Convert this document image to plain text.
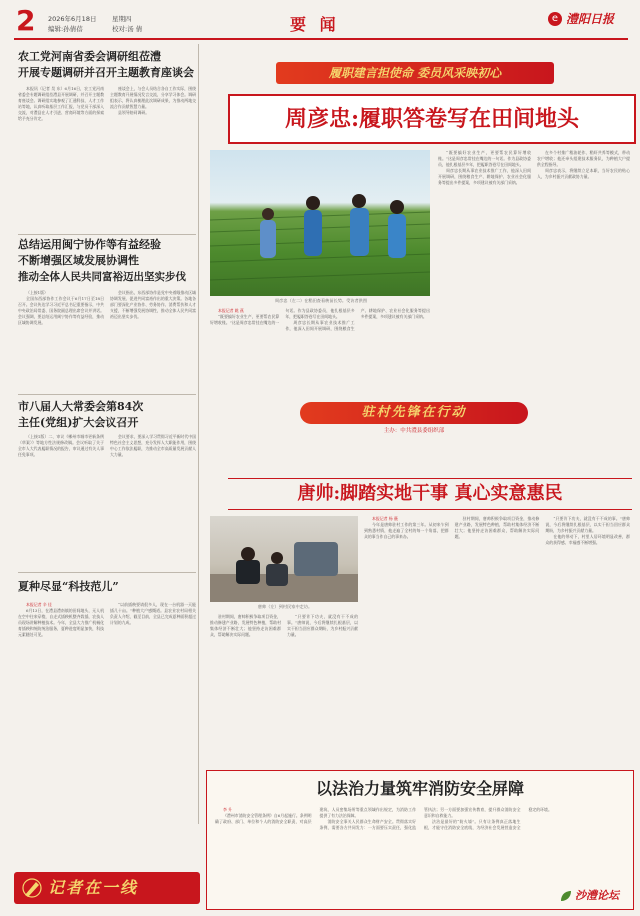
2 2026年6月18日 星期四
编辑:孙倩蓓	校对:汤 倩	要 闻	e 澧阳日报
农工党河南省委会调研组莅澧
开展专题调研并召开主题教育座谈会
本报讯（记者 昊 东）6月16日，农工党河南省委会专题调研组莅澧县开展调研，并召开主题教育座谈会。调研组实地参观了汇通科技、人才工作站等地，认真听取基层工作汇报，与党员干部深入交流，对澧县在人才引进、营商环境等方面的探索给予充分肯定。
座谈会上，与会人员结合各自工作实际，围绕主题教育开展情况发言交流，分享学习体会。调研组表示，将认真梳理此次调研成果，为推动两地交流合作贡献智慧力量。
县领导陪同调研。
总结运用闽宁协作等有益经验
不断增强区域发展协调性
推动全体人民共同富裕迈出坚实步伐
（上接1版）
全国东西部协作工作会议于6月17日至18日召开。会议传达学习习近平总书记重要指示，中共中央政治局常委、国务院副总理出席会议并讲话。会议强调，要总结运用闽宁协作等有益经验，推动区域协调发展。
会议指出，东西部协作是党中央着眼推动区域协调发展、促进共同富裕作出的重大决策。各地各部门要深化产业协作、劳务协作、消费帮扶和人才支援，不断增强发展协调性，推动全体人民共同富裕迈出坚实步伐。
市八届人大常委会第84次
主任(党组)扩大会议召开
（上接1版）二、审议《郴州市城市更新条例（草案）》等地方性法规修改稿。会议听取了关于全市人大代表履职情况的报告，审议通过有关人事任免事项。
会议要求，要深入学习贯彻习近平新时代中国特色社会主义思想，充分发挥人大职能作用，围绕中心工作依法履职，为推动全市高质量发展贡献人大力量。
夏种尽显“科技范儿”
本报记者 辛 佳
6月13日，在澧县澧南镇的田间地头，无人机在空中往来穿梭，自走式插秧机整齐栽插，农技人员现场讲解种植技术。今年，全县大力推广机械化育插秧和统防统治服务，夏种进度明显加快，科技元素随处可见。
“以前插秧要请很多人，现在一台机器一天能插几十亩。”种植大户感慨道。县农业农村局相关负责人介绍，截至目前，全县已完成夏种面积超过计划的九成。
记者在一线
履职建言担使命 委员风采映初心
周彦忠:履职答卷写在田间地头
周彦忠（左二）在稻田查看秧苗长势。受访者供图
“既要搞好农业生产，更要帮农民算好增收账。”这是周彦忠常挂在嘴边的一句话。作为县政协委员，他扎根基层多年，把履职答卷写在田间地头。
周彦忠长期从事农业技术推广工作，他深入田间开展调研，围绕粮食生产、耕地保护、农业社会化服务等提出多件提案，多项建议被有关部门采纳。
在多个村推广稻油轮作、稻虾共养等模式，带动农户增收；他还牵头组建技术服务队，为种植大户提供全程指导。
周彦忠表示，将继续立足本职，当好农民的贴心人，为乡村振兴贡献政协力量。
本报记者 姚 燕
“既要搞好农业生产，更要帮农民算好增收账。”这是周彦忠常挂在嘴边的一句话。作为县政协委员，他扎根基层多年，把履职答卷写在田间地头。
周彦忠长期从事农业技术推广工作，他深入田间开展调研，围绕粮食生产、耕地保护、农业社会化服务等提出多件提案，多项建议被有关部门采纳。
驻村先锋在行动
主办：中共澧县委组织部
唐帅:脚踏实地干事 真心实意惠民
唐帅（左）到村民家中走访。
本报记者 杨 薇
今年是唐帅驻村工作的第三年。从初来乍到到熟悉村情，他走遍了全村的每一个角落，把群众的事当作自己的事来办。
驻村期间，唐帅积极争取项目资金，推动修建产业路，发展特色种植，帮助村集体经济不断壮大；他坚持走访困难群众，帮助解决实际问题。
“只要肯下功夫，就没有干不成的事。”唐帅说，今后将继续扎根基层，以实干担当回应群众期盼，为乡村振兴贡献力量。
在他的带动下，村里人居环境明显改善，群众的获得感、幸福感不断增强。
驻村期间，唐帅积极争取项目资金，推动修建产业路，发展特色种植，帮助村集体经济不断壮大；他坚持走访困难群众，帮助解决实际问题。
“只要肯下功夫，就没有干不成的事。”唐帅说，今后将继续扎根基层，以实干担当回应群众期盼，为乡村振兴贡献力量。
以法治力量筑牢消防安全屏障
李 升
《澧州市消防安全管理条例》自6月起施行。条例明确了政府、部门、单位和个人的消防安全职责，对高层建筑、人员密集场所等重点领域作出规定，为消防工作提供了有力法治保障。
消防安全事关人民群众生命财产安全。贯彻落实好条例，需要各方共同发力：一方面要压实责任，强化监管执法；另一方面要加强宣传教育，提升群众消防安全意识和自救能力。
法治是最好的“防火墙”。只有让条例真正落地生根，才能守住消防安全底线，为经济社会发展营造安全稳定的环境。
沙澧论坛
